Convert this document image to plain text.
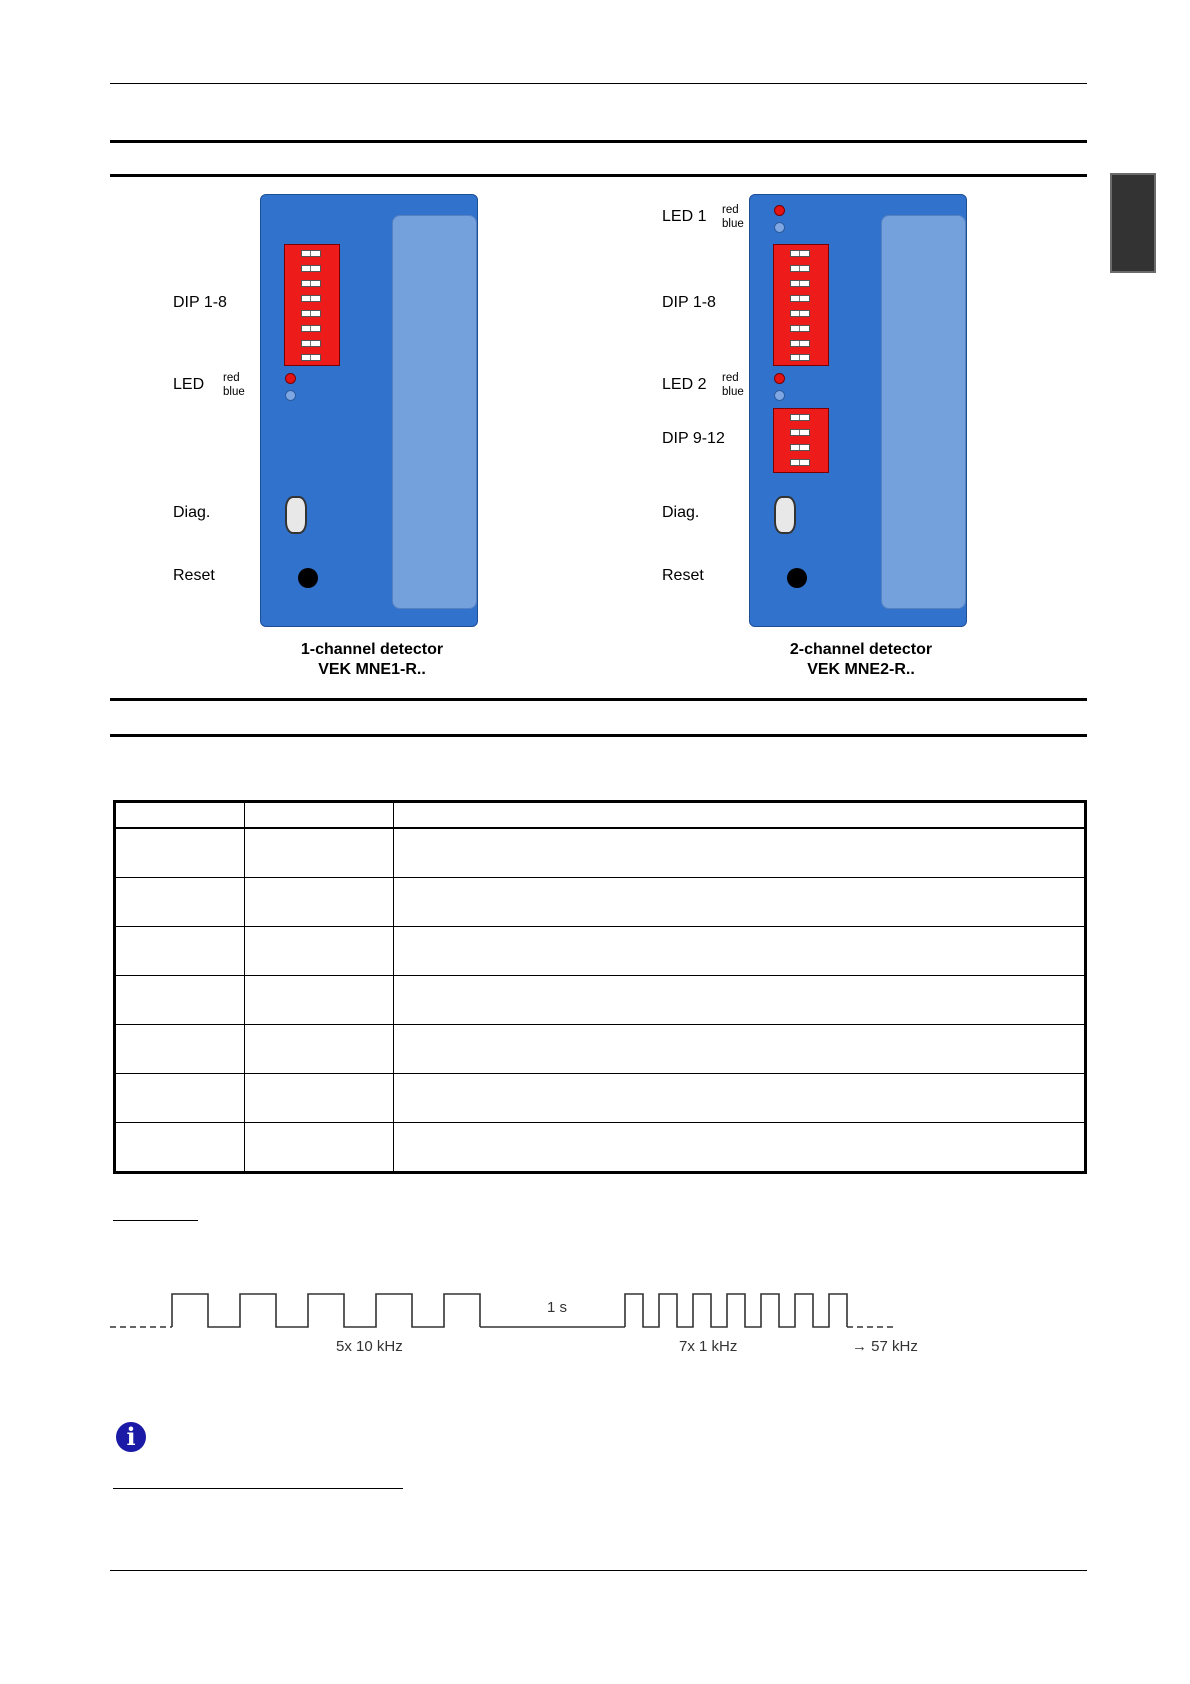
DIP 1-8
LED red
blue
Diag.
Reset
1-channel detector
VEK MNE1-R..
LED 1 red
blue
DIP 1-8
LED 2 red
blue
DIP 9-12
Diag.
Reset
2-channel detector
VEK MNE2-R..

5x 10 kHz
1 s
7x 1 kHz	→ 57 kHz
i
